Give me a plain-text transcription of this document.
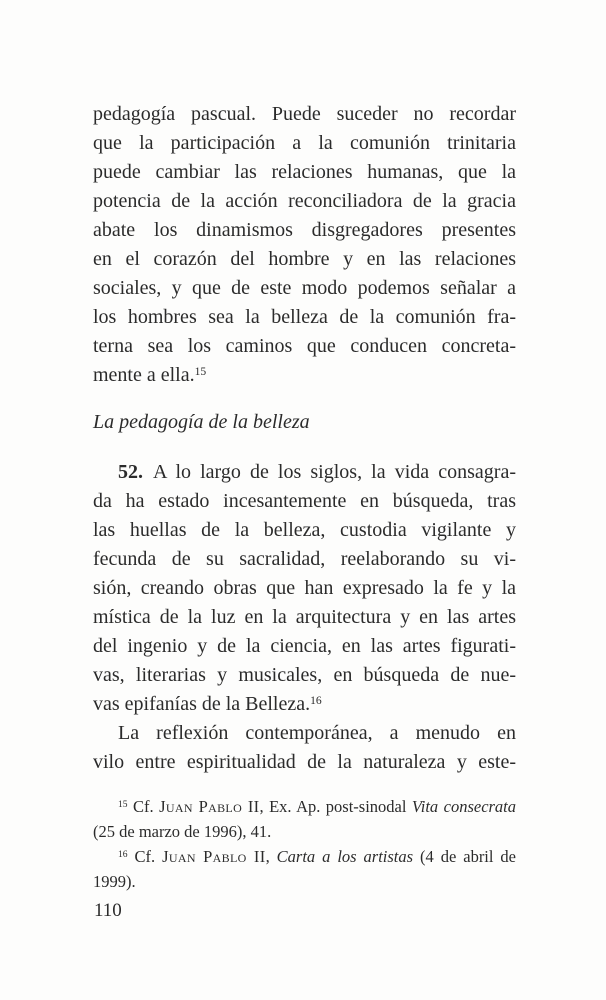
pedagogía pascual. Puede suceder no recordar
que la participación a la comunión trinitaria
puede cambiar las relaciones humanas, que la
potencia de la acción reconciliadora de la gracia
abate los dinamismos disgregadores presentes
en el corazón del hombre y en las relaciones
sociales, y que de este modo podemos señalar a
los hombres sea la belleza de la comunión fra-
terna sea los caminos que conducen concreta-
mente a ella.$^{15}$
La pedagogía de la belleza
52. A lo largo de los siglos, la vida consagra-
da ha estado incesantemente en búsqueda, tras
las huellas de la belleza, custodia vigilante y
fecunda de su sacralidad, reelaborando su vi-
sión, creando obras que han expresado la fe y la
mística de la luz en la arquitectura y en las artes
del ingenio y de la ciencia, en las artes figurati-
vas, literarias y musicales, en búsqueda de nue-
vas epifanías de la Belleza.$^{16}$
La reflexión contemporánea, a menudo en
vilo entre espiritualidad de la naturaleza y este-
$^{15}$ Cf. Juan Pablo II, Ex. Ap. post-sinodal Vita consecrata
(25 de marzo de 1996), 41.
$^{16}$ Cf. Juan Pablo II, Carta a los artistas (4 de abril de
1999).
110
